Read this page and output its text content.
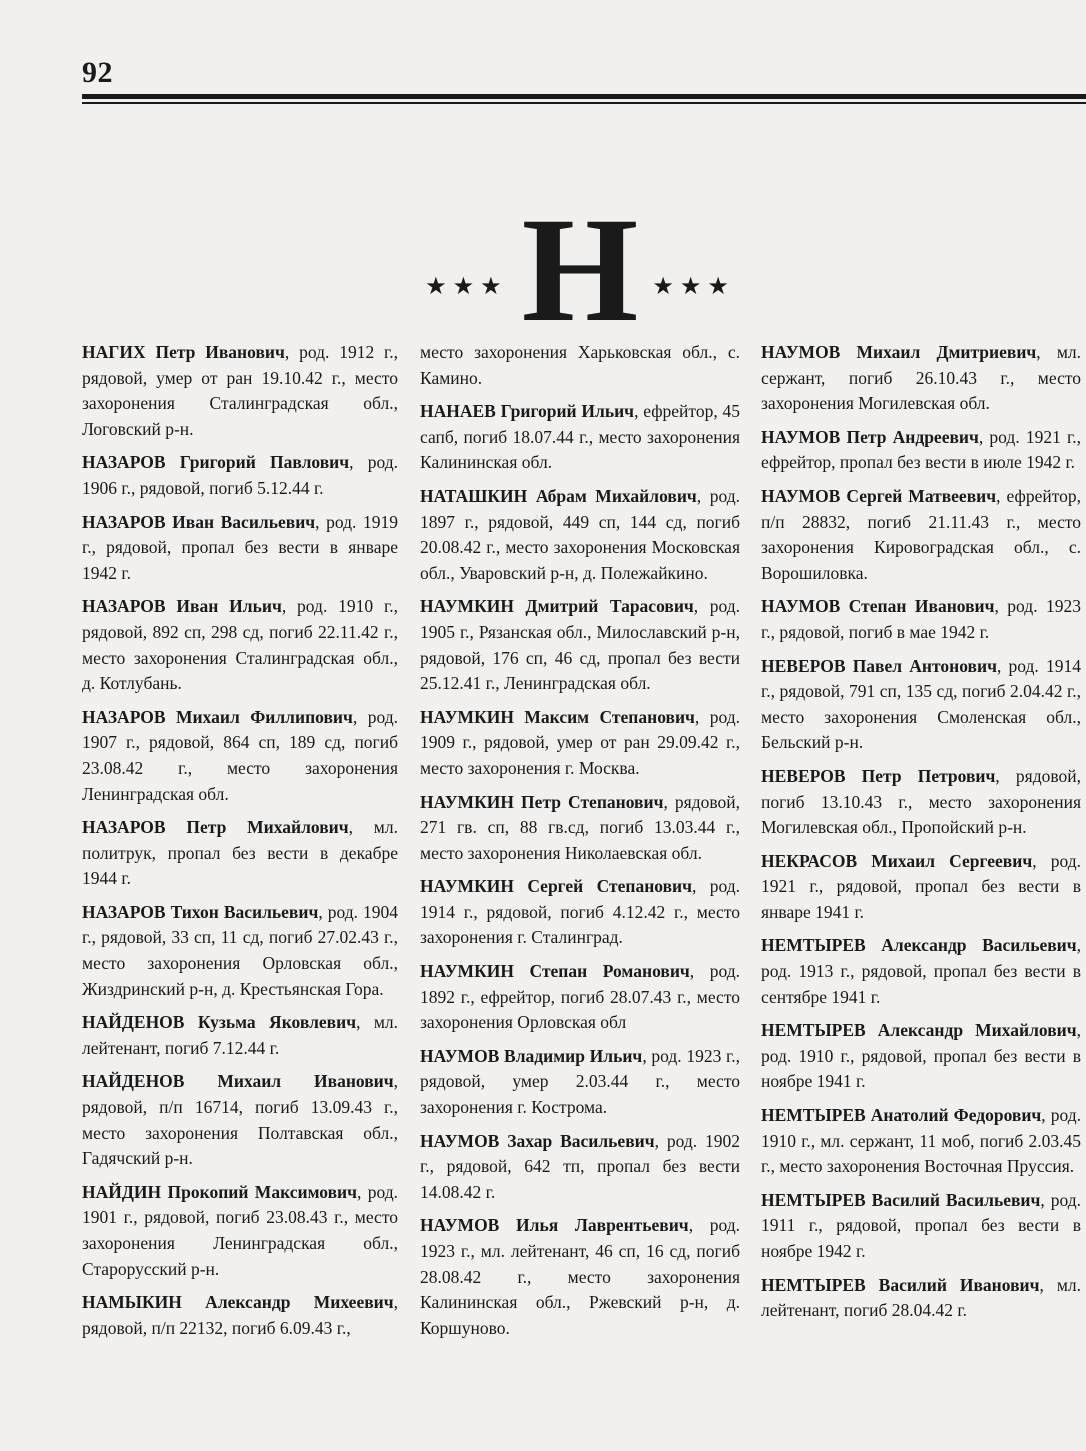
92
★★★ Н ★★★

НАГИХ Петр Иванович, род. 1912 г., рядовой, умер от ран 19.10.42 г., место захоронения Сталинградская обл., Логовский р-н.

НАЗАРОВ Григорий Павлович, род. 1906 г., рядовой, погиб 5.12.44 г.

НАЗАРОВ Иван Васильевич, род. 1919 г., рядовой, пропал без вести в январе 1942 г.

НАЗАРОВ Иван Ильич, род. 1910 г., рядовой, 892 сп, 298 сд, погиб 22.11.42 г., место захоронения Сталинградская обл., д. Котлубань.

НАЗАРОВ Михаил Филлипович, род. 1907 г., рядовой, 864 сп, 189 сд, погиб 23.08.42 г., место захоронения Ленинградская обл.

НАЗАРОВ Петр Михайлович, мл. политрук, пропал без вести в декабре 1944 г.

НАЗАРОВ Тихон Васильевич, род. 1904 г., рядовой, 33 сп, 11 сд, погиб 27.02.43 г., место захоронения Орловская обл., Жиздринский р-н, д. Крестьянская Гора.

НАЙДЕНОВ Кузьма Яковлевич, мл. лейтенант, погиб 7.12.44 г.

НАЙДЕНОВ Михаил Иванович, рядовой, п/п 16714, погиб 13.09.43 г., место захоронения Полтавская обл., Гадячский р-н.

НАЙДИН Прокопий Максимович, род. 1901 г., рядовой, погиб 23.08.43 г., место захоронения Ленинградская обл., Старорусский р-н.

НАМЫКИН Александр Михеевич, рядовой, п/п 22132, погиб 6.09.43 г.,

место захоронения Харьковская обл., с. Камино.

НАНАЕВ Григорий Ильич, ефрейтор, 45 сапб, погиб 18.07.44 г., место захоронения Калининская обл.

НАТАШКИН Абрам Михайлович, род. 1897 г., рядовой, 449 сп, 144 сд, погиб 20.08.42 г., место захоронения Московская обл., Уваровский р-н, д. Полежайкино.

НАУМКИН Дмитрий Тарасович, род. 1905 г., Рязанская обл., Милославский р-н, рядовой, 176 сп, 46 сд, пропал без вести 25.12.41 г., Ленинградская обл.

НАУМКИН Максим Степанович, род. 1909 г., рядовой, умер от ран 29.09.42 г., место захоронения г. Москва.

НАУМКИН Петр Степанович, рядовой, 271 гв. сп, 88 гв.сд, погиб 13.03.44 г., место захоронения Николаевская обл.

НАУМКИН Сергей Степанович, род. 1914 г., рядовой, погиб 4.12.42 г., место захоронения г. Сталинград.

НАУМКИН Степан Романович, род. 1892 г., ефрейтор, погиб 28.07.43 г., место захоронения Орловская обл

НАУМОВ Владимир Ильич, род. 1923 г., рядовой, умер 2.03.44 г., место захоронения г. Кострома.

НАУМОВ Захар Васильевич, род. 1902 г., рядовой, 642 тп, пропал без вести 14.08.42 г.

НАУМОВ Илья Лаврентьевич, род. 1923 г., мл. лейтенант, 46 сп, 16 сд, погиб 28.08.42 г., место захоронения Калининская обл., Ржевский р-н, д. Коршуново.

НАУМОВ Михаил Дмитриевич, мл. сержант, погиб 26.10.43 г., место захоронения Могилевская обл.

НАУМОВ Петр Андреевич, род. 1921 г., ефрейтор, пропал без вести в июле 1942 г.

НАУМОВ Сергей Матвеевич, ефрейтор, п/п 28832, погиб 21.11.43 г., место захоронения Кировоградская обл., с. Ворошиловка.

НАУМОВ Степан Иванович, род. 1923 г., рядовой, погиб в мае 1942 г.

НЕВЕРОВ Павел Антонович, род. 1914 г., рядовой, 791 сп, 135 сд, погиб 2.04.42 г., место захоронения Смоленская обл., Бельский р-н.

НЕВЕРОВ Петр Петрович, рядовой, погиб 13.10.43 г., место захоронения Могилевская обл., Пропойский р-н.

НЕКРАСОВ Михаил Сергеевич, род. 1921 г., рядовой, пропал без вести в январе 1941 г.

НЕМТЫРЕВ Александр Васильевич, род. 1913 г., рядовой, пропал без вести в сентябре 1941 г.

НЕМТЫРЕВ Александр Михайлович, род. 1910 г., рядовой, пропал без вести в ноябре 1941 г.

НЕМТЫРЕВ Анатолий Федорович, род. 1910 г., мл. сержант, 11 моб, погиб 2.03.45 г., место захоронения Восточная Пруссия.

НЕМТЫРЕВ Василий Васильевич, род. 1911 г., рядовой, пропал без вести в ноябре 1942 г.

НЕМТЫРЕВ Василий Иванович, мл. лейтенант, погиб 28.04.42 г.
